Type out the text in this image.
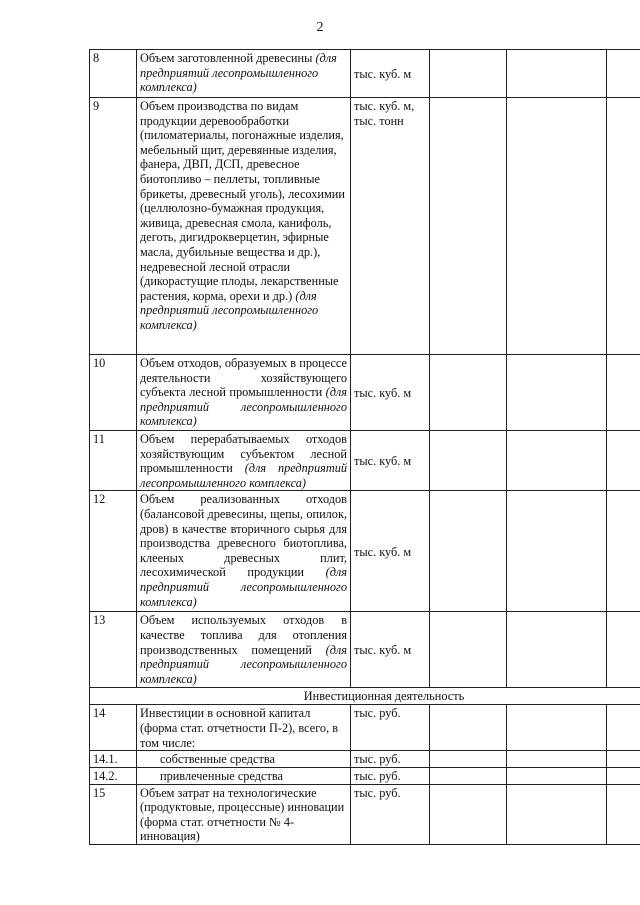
2
8	Объем заготовленной древесины (для предприятий лесопромышленного комплекса)	тыс. куб. м			
9	Объем производства по видам продукции деревообработки (пиломатериалы, погонажные изделия, мебельный щит, деревянные изделия, фанера, ДВП, ДСП, древесное биотопливо – пеллеты, топливные брикеты, древесный уголь), лесохимии (целлюлозно-бумажная продукция, живица, древесная смола, канифоль, деготь, дигидрокверцетин, эфирные масла, дубильные вещества и др.), недревесной лесной отрасли (дикорастущие плоды, лекарственные растения, корма, орехи и др.) (для предприятий лесопромышленного комплекса)	тыс. куб. м, тыс. тонн			
10	Объем отходов, образуемых в процессе деятельности хозяйствующего субъекта лесной промышленности (для предприятий лесопромышленного комплекса)	тыс. куб. м			
11	Объем перерабатываемых отходов хозяйствующим субъектом лесной промышленности (для предприятий лесопромышленного комплекса)	тыс. куб. м			
12	Объем реализованных отходов (балансовой древесины, щепы, опилок, дров) в качестве вторичного сырья для производства древесного биотоплива, клееных древесных плит, лесохимической продукции (для предприятий лесопромышленного комплекса)	тыс. куб. м			
13	Объем используемых отходов в качестве топлива для отопления производственных помещений (для предприятий лесопромышленного комплекса)	тыс. куб. м			
Инвестиционная деятельность					
14	Инвестиции в основной капитал (форма стат. отчетности П-2), всего, в том числе:	тыс. руб.			
14.1.	собственные средства	тыс. руб.			
14.2.	привлеченные средства	тыс. руб.			
15	Объем затрат на технологические (продуктовые, процессные) инновации (форма стат. отчетности № 4-инновация)	тыс. руб.			
